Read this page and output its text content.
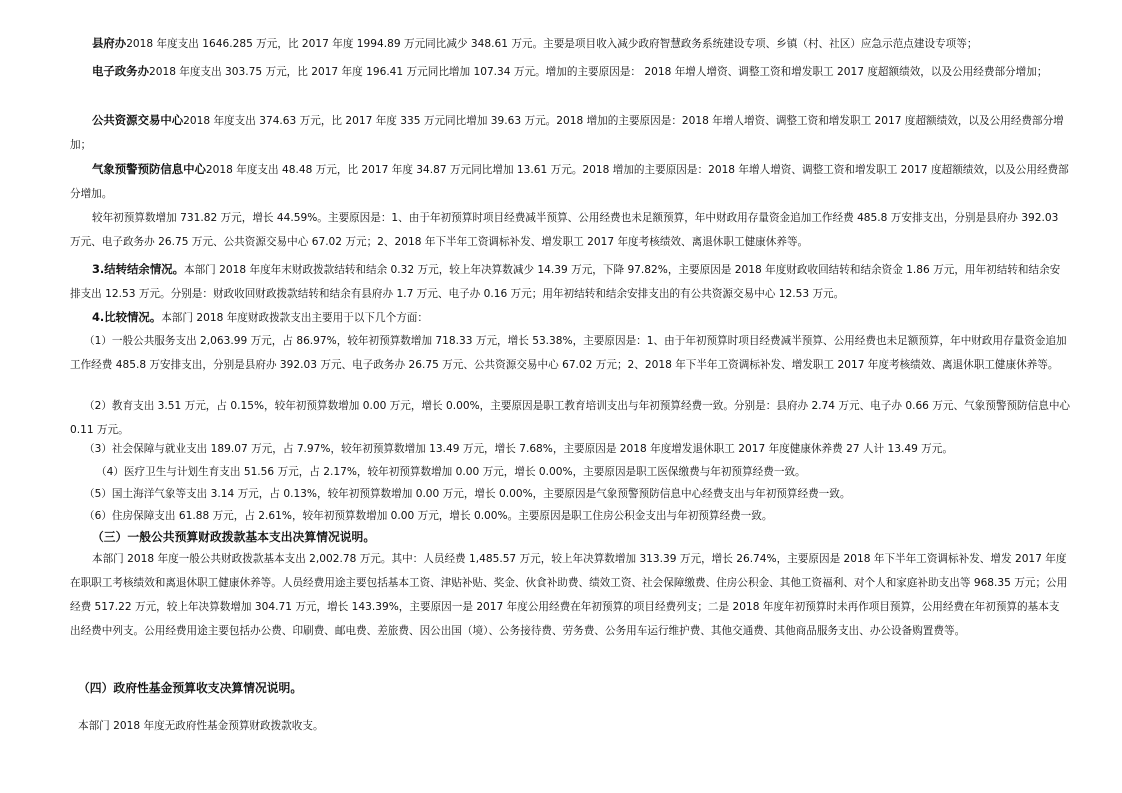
县府办2018 年度支出 1646.285 万元，比 2017 年度 1994.89 万元同比减少 348.61 万元。主要是项目收入减少政府智慧政务系统建设专项、乡镇（村、社区）应急示范点建设专项等；

电子政务办2018 年度支出 303.75 万元，比 2017 年度 196.41 万元同比增加 107.34 万元。增加的主要原因是： 2018 年增人增资、调整工资和增发职工 2017 度超额绩效，以及公用经费部分增加；

公共资源交易中心2018 年度支出 374.63 万元，比 2017 年度 335 万元同比增加 39.63 万元。2018 增加的主要原因是：2018 年增人增资、调整工资和增发职工 2017 度超额绩效，以及公用经费部分增加；

气象预警预防信息中心2018 年度支出 48.48 万元，比 2017 年度 34.87 万元同比增加 13.61 万元。2018 增加的主要原因是：2018 年增人增资、调整工资和增发职工 2017 度超额绩效，以及公用经费部分增加。

较年初预算数增加 731.82 万元，增长 44.59%。主要原因是：1、由于年初预算时项目经费减半预算、公用经费也未足额预算，年中财政用存量资金追加工作经费 485.8 万安排支出，分别是县府办 392.03 万元、电子政务办 26.75 万元、公共资源交易中心 67.02 万元；2、2018 年下半年工资调标补发、增发职工 2017 年度考核绩效、离退休职工健康休养等。

3.结转结余情况。本部门 2018 年度年末财政拨款结转和结余 0.32 万元，较上年决算数减少 14.39 万元，下降 97.82%，主要原因是 2018 年度财政收回结转和结余资金 1.86 万元，用年初结转和结余安排支出 12.53 万元。分别是：财政收回财政拨款结转和结余有县府办 1.7 万元、电子办 0.16 万元；用年初结转和结余安排支出的有公共资源交易中心 12.53 万元。

4.比较情况。本部门 2018 年度财政拨款支出主要用于以下几个方面：

（1）一般公共服务支出 2,063.99 万元，占 86.97%，较年初预算数增加 718.33 万元，增长 53.38%，主要原因是：1、由于年初预算时项目经费减半预算、公用经费也未足额预算，年中财政用存量资金追加工作经费 485.8 万安排支出，分别是县府办 392.03 万元、电子政务办 26.75 万元、公共资源交易中心 67.02 万元；2、2018 年下半年工资调标补发、增发职工 2017 年度考核绩效、离退休职工健康休养等。

（2）教育支出 3.51 万元，占 0.15%，较年初预算数增加 0.00 万元，增长 0.00%，主要原因是职工教育培训支出与年初预算经费一致。分别是：县府办 2.74 万元、电子办 0.66 万元、气象预警预防信息中心 0.11 万元。

（3）社会保障与就业支出 189.07 万元，占 7.97%，较年初预算数增加 13.49 万元，增长 7.68%，主要原因是 2018 年度增发退休职工 2017 年度健康休养费 27 人计 13.49 万元。

（4）医疗卫生与计划生育支出 51.56 万元，占 2.17%，较年初预算数增加 0.00 万元，增长 0.00%，主要原因是职工医保缴费与年初预算经费一致。

（5）国土海洋气象等支出 3.14 万元，占 0.13%，较年初预算数增加 0.00 万元，增长 0.00%，主要原因是气象预警预防信息中心经费支出与年初预算经费一致。

（6）住房保障支出 61.88 万元，占 2.61%，较年初预算数增加 0.00 万元，增长 0.00%。主要原因是职工住房公积金支出与年初预算经费一致。

（三）一般公共预算财政拨款基本支出决算情况说明。

本部门 2018 年度一般公共财政拨款基本支出 2,002.78 万元。其中：人员经费 1,485.57 万元，较上年决算数增加 313.39 万元，增长 26.74%，主要原因是 2018 年下半年工资调标补发、增发 2017 年度在职职工考核绩效和离退休职工健康休养等。人员经费用途主要包括基本工资、津贴补贴、奖金、伙食补助费、绩效工资、社会保障缴费、住房公积金、其他工资福利、对个人和家庭补助支出等 968.35 万元；公用经费 517.22 万元，较上年决算数增加 304.71 万元，增长 143.39%，主要原因一是 2017 年度公用经费在年初预算的项目经费列支；二是 2018 年度年初预算时未再作项目预算，公用经费在年初预算的基本支出经费中列支。公用经费用途主要包括办公费、印刷费、邮电费、差旅费、因公出国（境）、公务接待费、劳务费、公务用车运行维护费、其他交通费、其他商品服务支出、办公设备购置费等。

（四）政府性基金预算收支决算情况说明。

本部门 2018 年度无政府性基金预算财政拨款收支。
